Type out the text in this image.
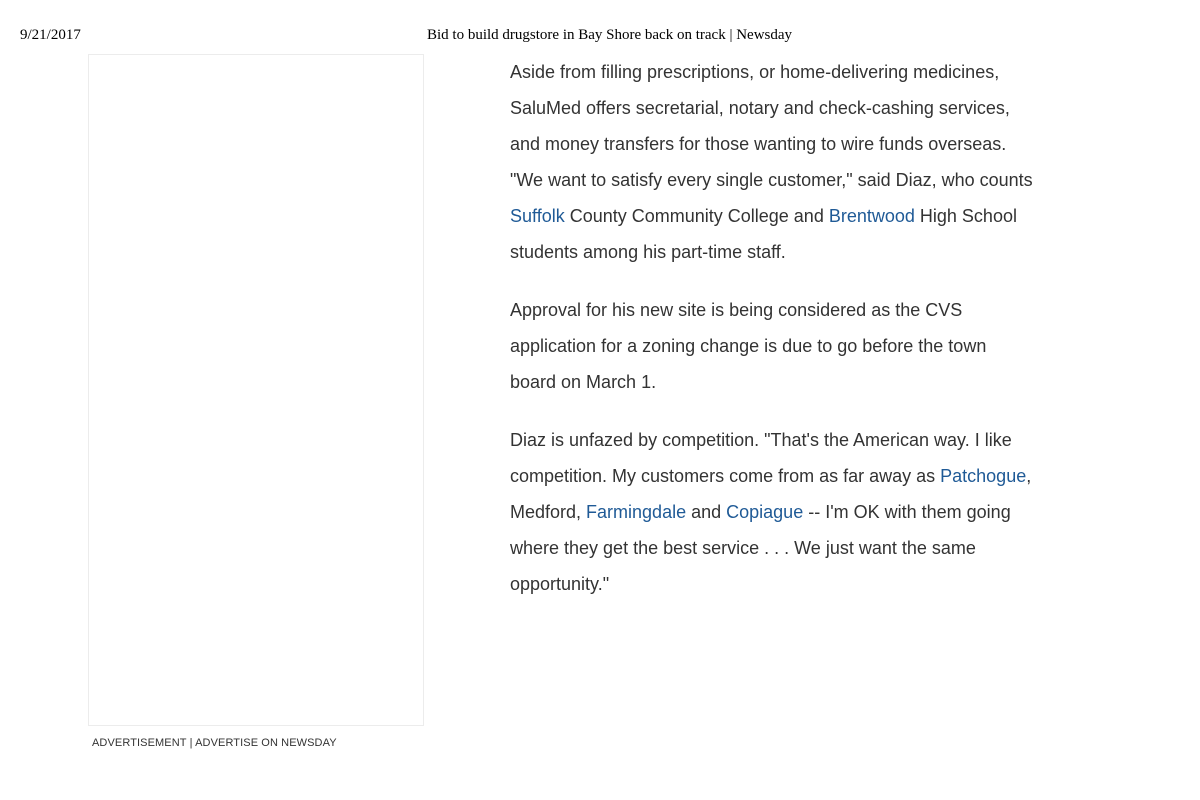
9/21/2017	Bid to build drugstore in Bay Shore back on track | Newsday
ADVERTISEMENT | ADVERTISE ON NEWSDAY

Aside from filling prescriptions, or home-delivering medicines, SaluMed offers secretarial, notary and check-cashing services, and money transfers for those wanting to wire funds overseas. "We want to satisfy every single customer," said Diaz, who counts Suffolk County Community College and Brentwood High School students among his part-time staff.

Approval for his new site is being considered as the CVS application for a zoning change is due to go before the town board on March 1.

Diaz is unfazed by competition. "That's the American way. I like competition. My customers come from as far away as Patchogue, Medford, Farmingdale and Copiague -- I'm OK with them going where they get the best service . . . We just want the same opportunity."
